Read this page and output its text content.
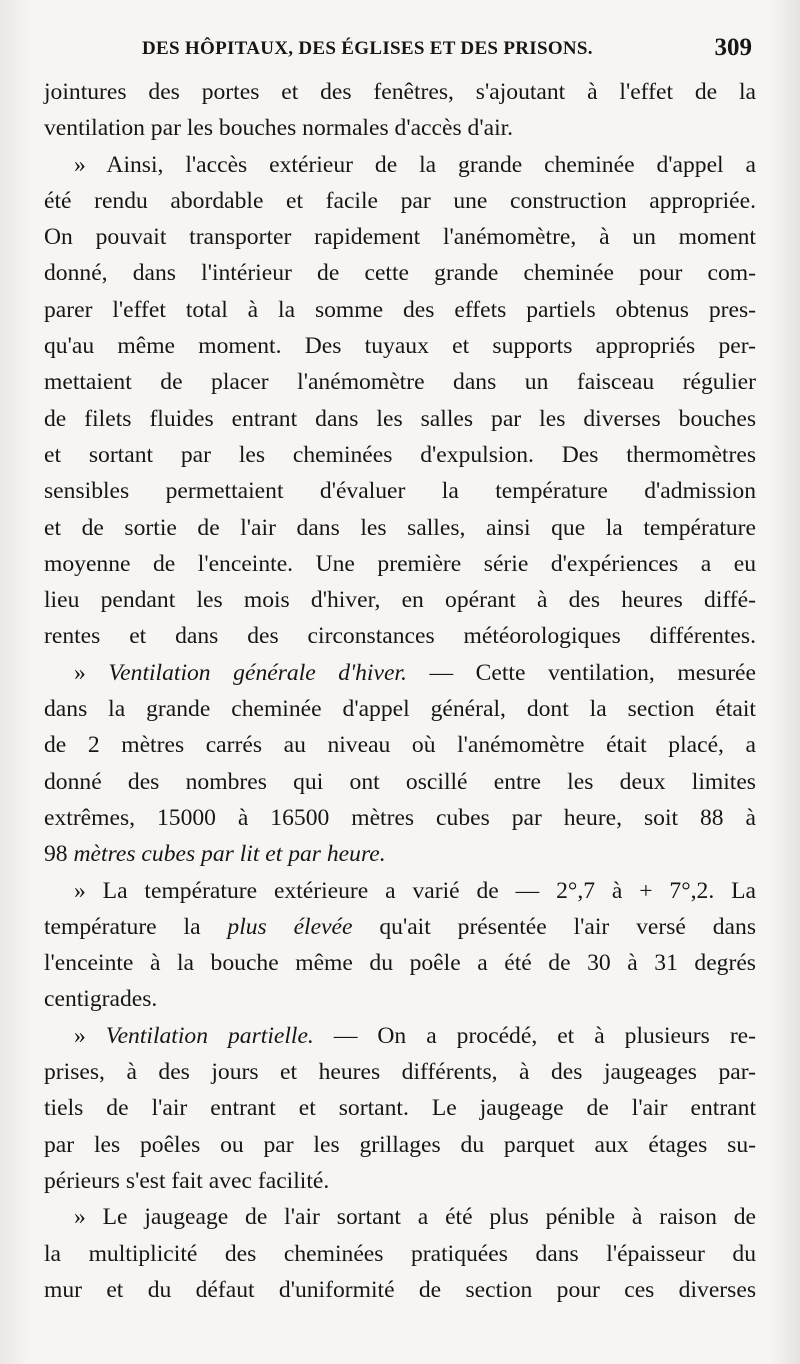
DES HÔPITAUX, DES ÉGLISES ET DES PRISONS.	309
jointures des portes et des fenêtres, s'ajoutant à l'effet de la
ventilation par les bouches normales d'accès d'air.
» Ainsi, l'accès extérieur de la grande cheminée d'appel a
été rendu abordable et facile par une construction appropriée.
On pouvait transporter rapidement l'anémomètre, à un moment
donné, dans l'intérieur de cette grande cheminée pour com-
parer l'effet total à la somme des effets partiels obtenus pres-
qu'au même moment. Des tuyaux et supports appropriés per-
mettaient de placer l'anémomètre dans un faisceau régulier
de filets fluides entrant dans les salles par les diverses bouches
et sortant par les cheminées d'expulsion. Des thermomètres
sensibles permettaient d'évaluer la température d'admission
et de sortie de l'air dans les salles, ainsi que la température
moyenne de l'enceinte. Une première série d'expériences a eu
lieu pendant les mois d'hiver, en opérant à des heures diffé-
rentes et dans des circonstances météorologiques différentes.
» Ventilation générale d'hiver. — Cette ventilation, mesurée
dans la grande cheminée d'appel général, dont la section était
de 2 mètres carrés au niveau où l'anémomètre était placé, a
donné des nombres qui ont oscillé entre les deux limites
extrêmes, 15000 à 16500 mètres cubes par heure, soit 88 à
98 mètres cubes par lit et par heure.
» La température extérieure a varié de — 2°,7 à + 7°,2. La
température la plus élevée qu'ait présentée l'air versé dans
l'enceinte à la bouche même du poêle a été de 30 à 31 degrés
centigrades.
» Ventilation partielle. — On a procédé, et à plusieurs re-
prises, à des jours et heures différents, à des jaugeages par-
tiels de l'air entrant et sortant. Le jaugeage de l'air entrant
par les poêles ou par les grillages du parquet aux étages su-
périeurs s'est fait avec facilité.
» Le jaugeage de l'air sortant a été plus pénible à raison de
la multiplicité des cheminées pratiquées dans l'épaisseur du
mur et du défaut d'uniformité de section pour ces diverses
